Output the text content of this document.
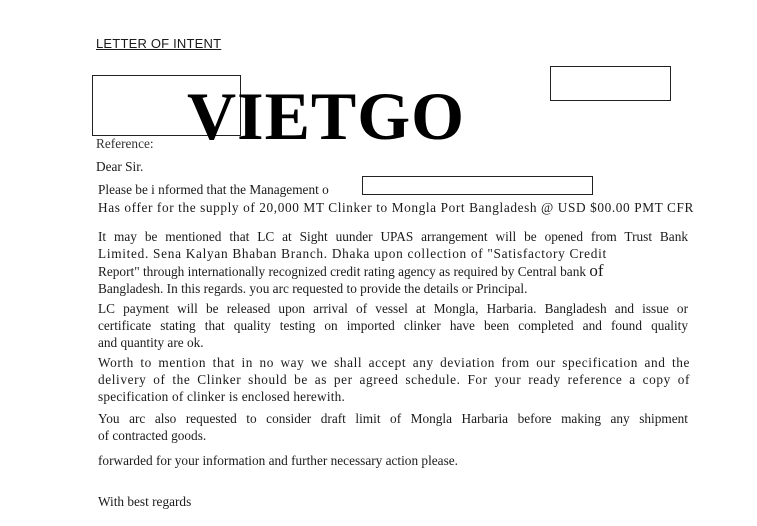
LETTER OF INTENT
VIETGO
Reference:
Dear Sir.
Please be i nformed that the Management o
Has offer for the supply of 20,000 MT Clinker to Mongla Port Bangladesh @ USD $00.00 PMT CFR
It may be mentioned that LC at Sight uunder UPAS arrangement will be opened from Trust Bank
Limited. Sena Kalyan Bhaban Branch. Dhaka upon collection of "Satisfactory Credit
Report" through internationally recognized credit rating agency as required by Central bank of
Bangladesh. In this regards. you arc requested to provide the details or Principal.
LC payment will be released upon arrival of vessel at Mongla, Harbaria. Bangladesh and issue or
certificate stating that quality testing on imported clinker have been completed and found quality
and quantity are ok.
Worth to mention that in no way we shall accept any deviation from our specification and the
delivery of the Clinker should be as per agreed schedule. For your ready reference a copy of
specification of clinker is enclosed herewith.
You arc also requested to consider draft limit of Mongla Harbaria before making any shipment
of contracted goods.
forwarded for your information and further necessary action please.
With best regards
